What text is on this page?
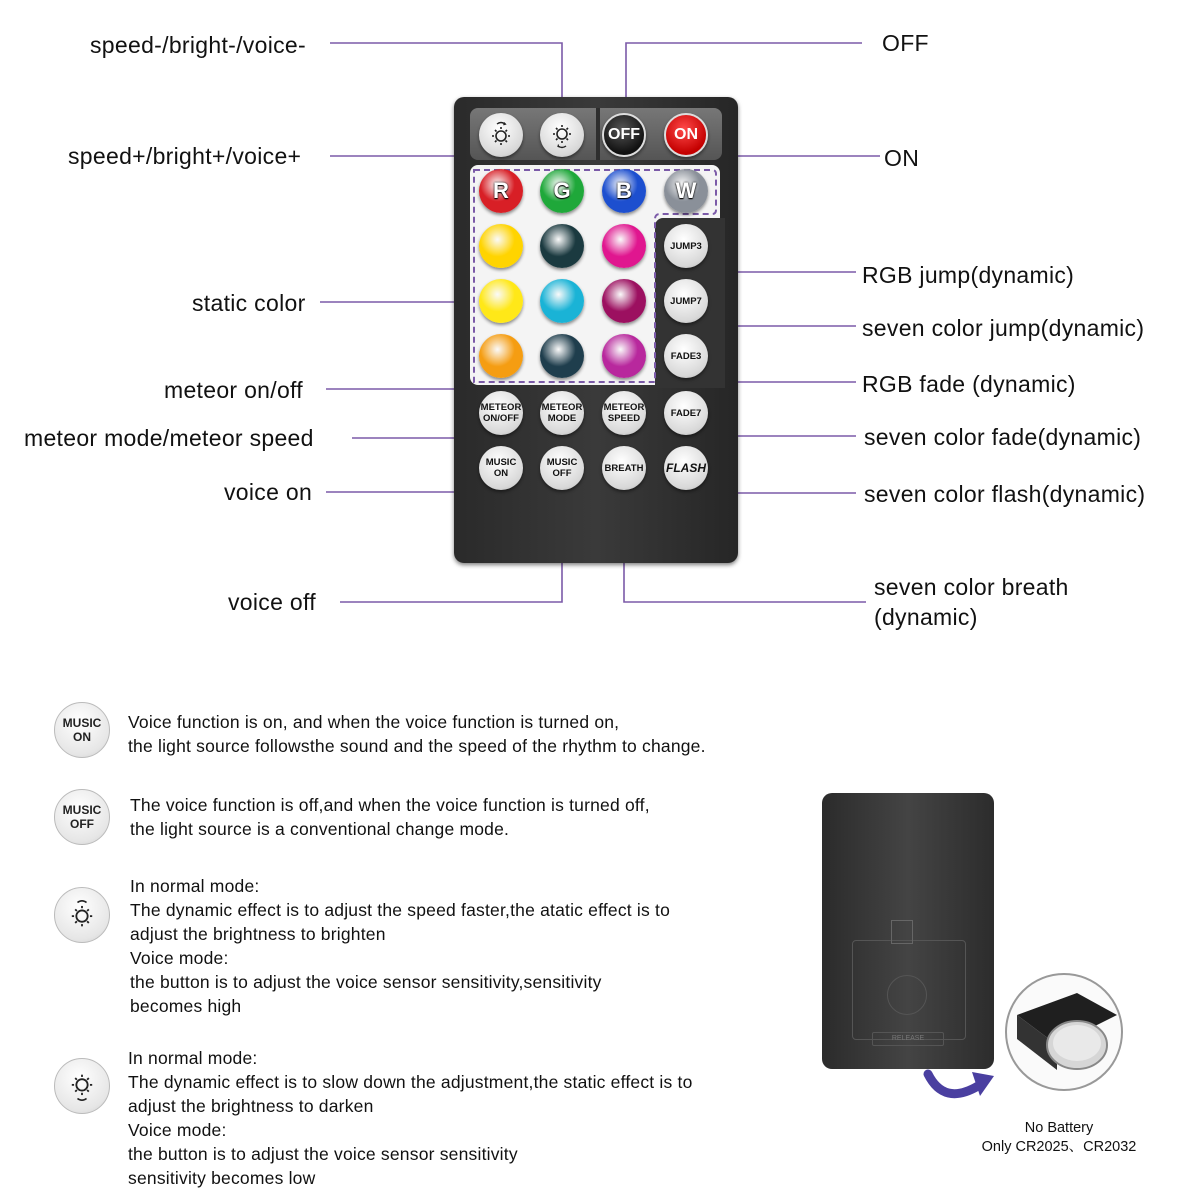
speed-/bright-/voice-	OFF
speed+/bright+/voice+	ON
static color
RGB jump(dynamic)
seven color jump(dynamic)
meteor on/off	RGB fade (dynamic)
meteor mode/meteor speed	seven color fade(dynamic)
voice on	seven color flash(dynamic)
voice off
seven color breath
(dynamic)
OFF	ON
R	G	B	W
JUMP3
JUMP7
FADE3
METEOR
ON/OFF
METEOR
MODE
METEOR
SPEED	FADE7
MUSIC
ON
MUSIC
OFF	BREATH FLASH
MUSIC
ON
Voice function is on, and when the voice function is turned on,
the light source followsthe sound and the speed of the rhythm to change.
MUSIC
OFF
The voice function is off,and when the voice function is turned off,
the light source is a conventional change mode.
In normal mode:
The dynamic effect is to adjust the speed faster,the atatic effect is to
adjust the brightness to brighten
Voice mode:
the button is to adjust the voice sensor sensitivity,sensitivity
becomes high
In normal mode:
The dynamic effect is to slow down the adjustment,the static effect is to
adjust the brightness to darken
Voice mode:
the button is to adjust the voice sensor sensitivity
sensitivity becomes low
RELEASE
No Battery
Only CR2025、CR2032
